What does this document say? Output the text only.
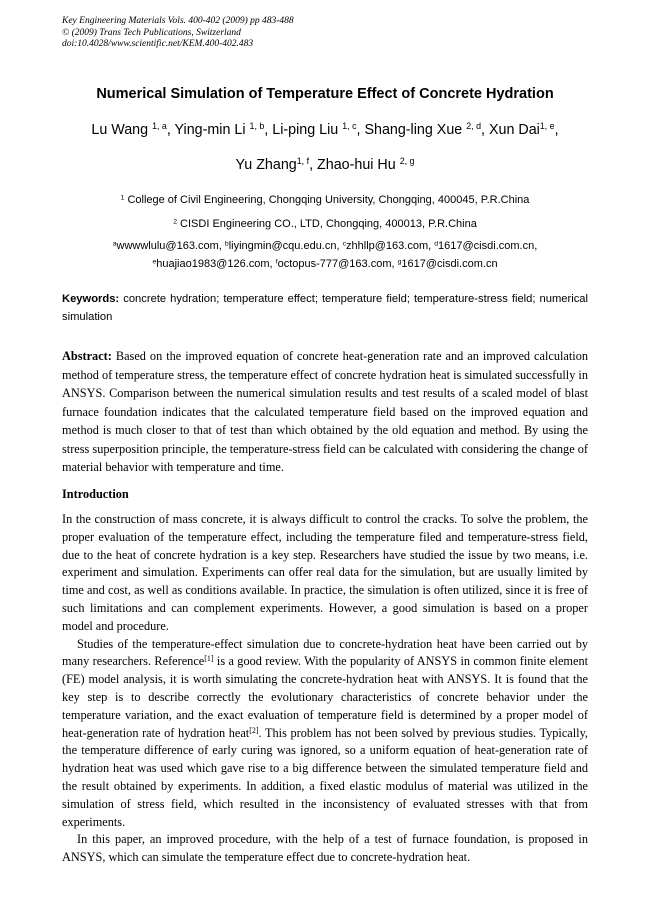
Key Engineering Materials Vols. 400-402 (2009) pp 483-488
© (2009) Trans Tech Publications, Switzerland
doi:10.4028/www.scientific.net/KEM.400-402.483
Numerical Simulation of Temperature Effect of Concrete Hydration
Lu Wang $^{1, a}$, Ying-min Li $^{1, b}$, Li-ping Liu $^{1, c}$, Shang-ling Xue $^{2, d}$, Xun Dai$^{1, e}$,
Yu Zhang$^{1, f}$, Zhao-hui Hu $^{2, g}$
$^1$ College of Civil Engineering, Chongqing University, Chongqing, 400045, P.R.China
$^2$ CISDI Engineering CO., LTD, Chongqing, 400013, P.R.China
$^a$wwwwlulu@163.com, $^b$liyingmin@cqu.edu.cn, $^c$zhhllp@163.com, $^d$1617@cisdi.com.cn,
$^e$huajiao1983@126.com, $^f$octopus-777@163.com, $^g$1617@cisdi.com.cn
Keywords: concrete hydration; temperature effect; temperature field; temperature-stress field; numerical simulation
Abstract: Based on the improved equation of concrete heat-generation rate and an improved calculation method of temperature stress, the temperature effect of concrete hydration heat is simulated successfully in ANSYS. Comparison between the numerical simulation results and test results of a scaled model of blast furnace foundation indicates that the calculated temperature field based on the improved equation and method is much closer to that of test than which obtained by the old equation and method. By using the stress superposition principle, the temperature-stress field can be calculated with considering the change of material behavior with temperature and time.
Introduction

In the construction of mass concrete, it is always difficult to control the cracks. To solve the problem, the proper evaluation of the temperature effect, including the temperature filed and temperature-stress field, due to the heat of concrete hydration is a key step. Researchers have studied the issue by two means, i.e. experiment and simulation. Experiments can offer real data for the simulation, but are usually limited by time and cost, as well as conditions available. In practice, the simulation is often utilized, since it is free of such limitations and can complement experiments. However, a good simulation is based on a proper model and procedure.

Studies of the temperature-effect simulation due to concrete-hydration heat have been carried out by many researchers. Reference[1] is a good review. With the popularity of ANSYS in common finite element (FE) model analysis, it is worth simulating the concrete-hydration heat with ANSYS. It is found that the key step is to describe correctly the evolutionary characteristics of concrete behavior under the temperature variation, and the exact evaluation of temperature field is determined by a proper model of heat-generation rate of hydration heat[2]. This problem has not been solved by previous studies. Typically, the temperature difference of early curing was ignored, so a uniform equation of heat-generation rate of hydration heat was used which gave rise to a big difference between the simulated temperature field and the result obtained by experiments. In addition, a fixed elastic modulus of material was utilized in the simulation of stress field, which resulted in the inconsistency of evaluated stresses with that from experiments.

In this paper, an improved procedure, with the help of a test of furnace foundation, is proposed in ANSYS, which can simulate the temperature effect due to concrete-hydration heat.
